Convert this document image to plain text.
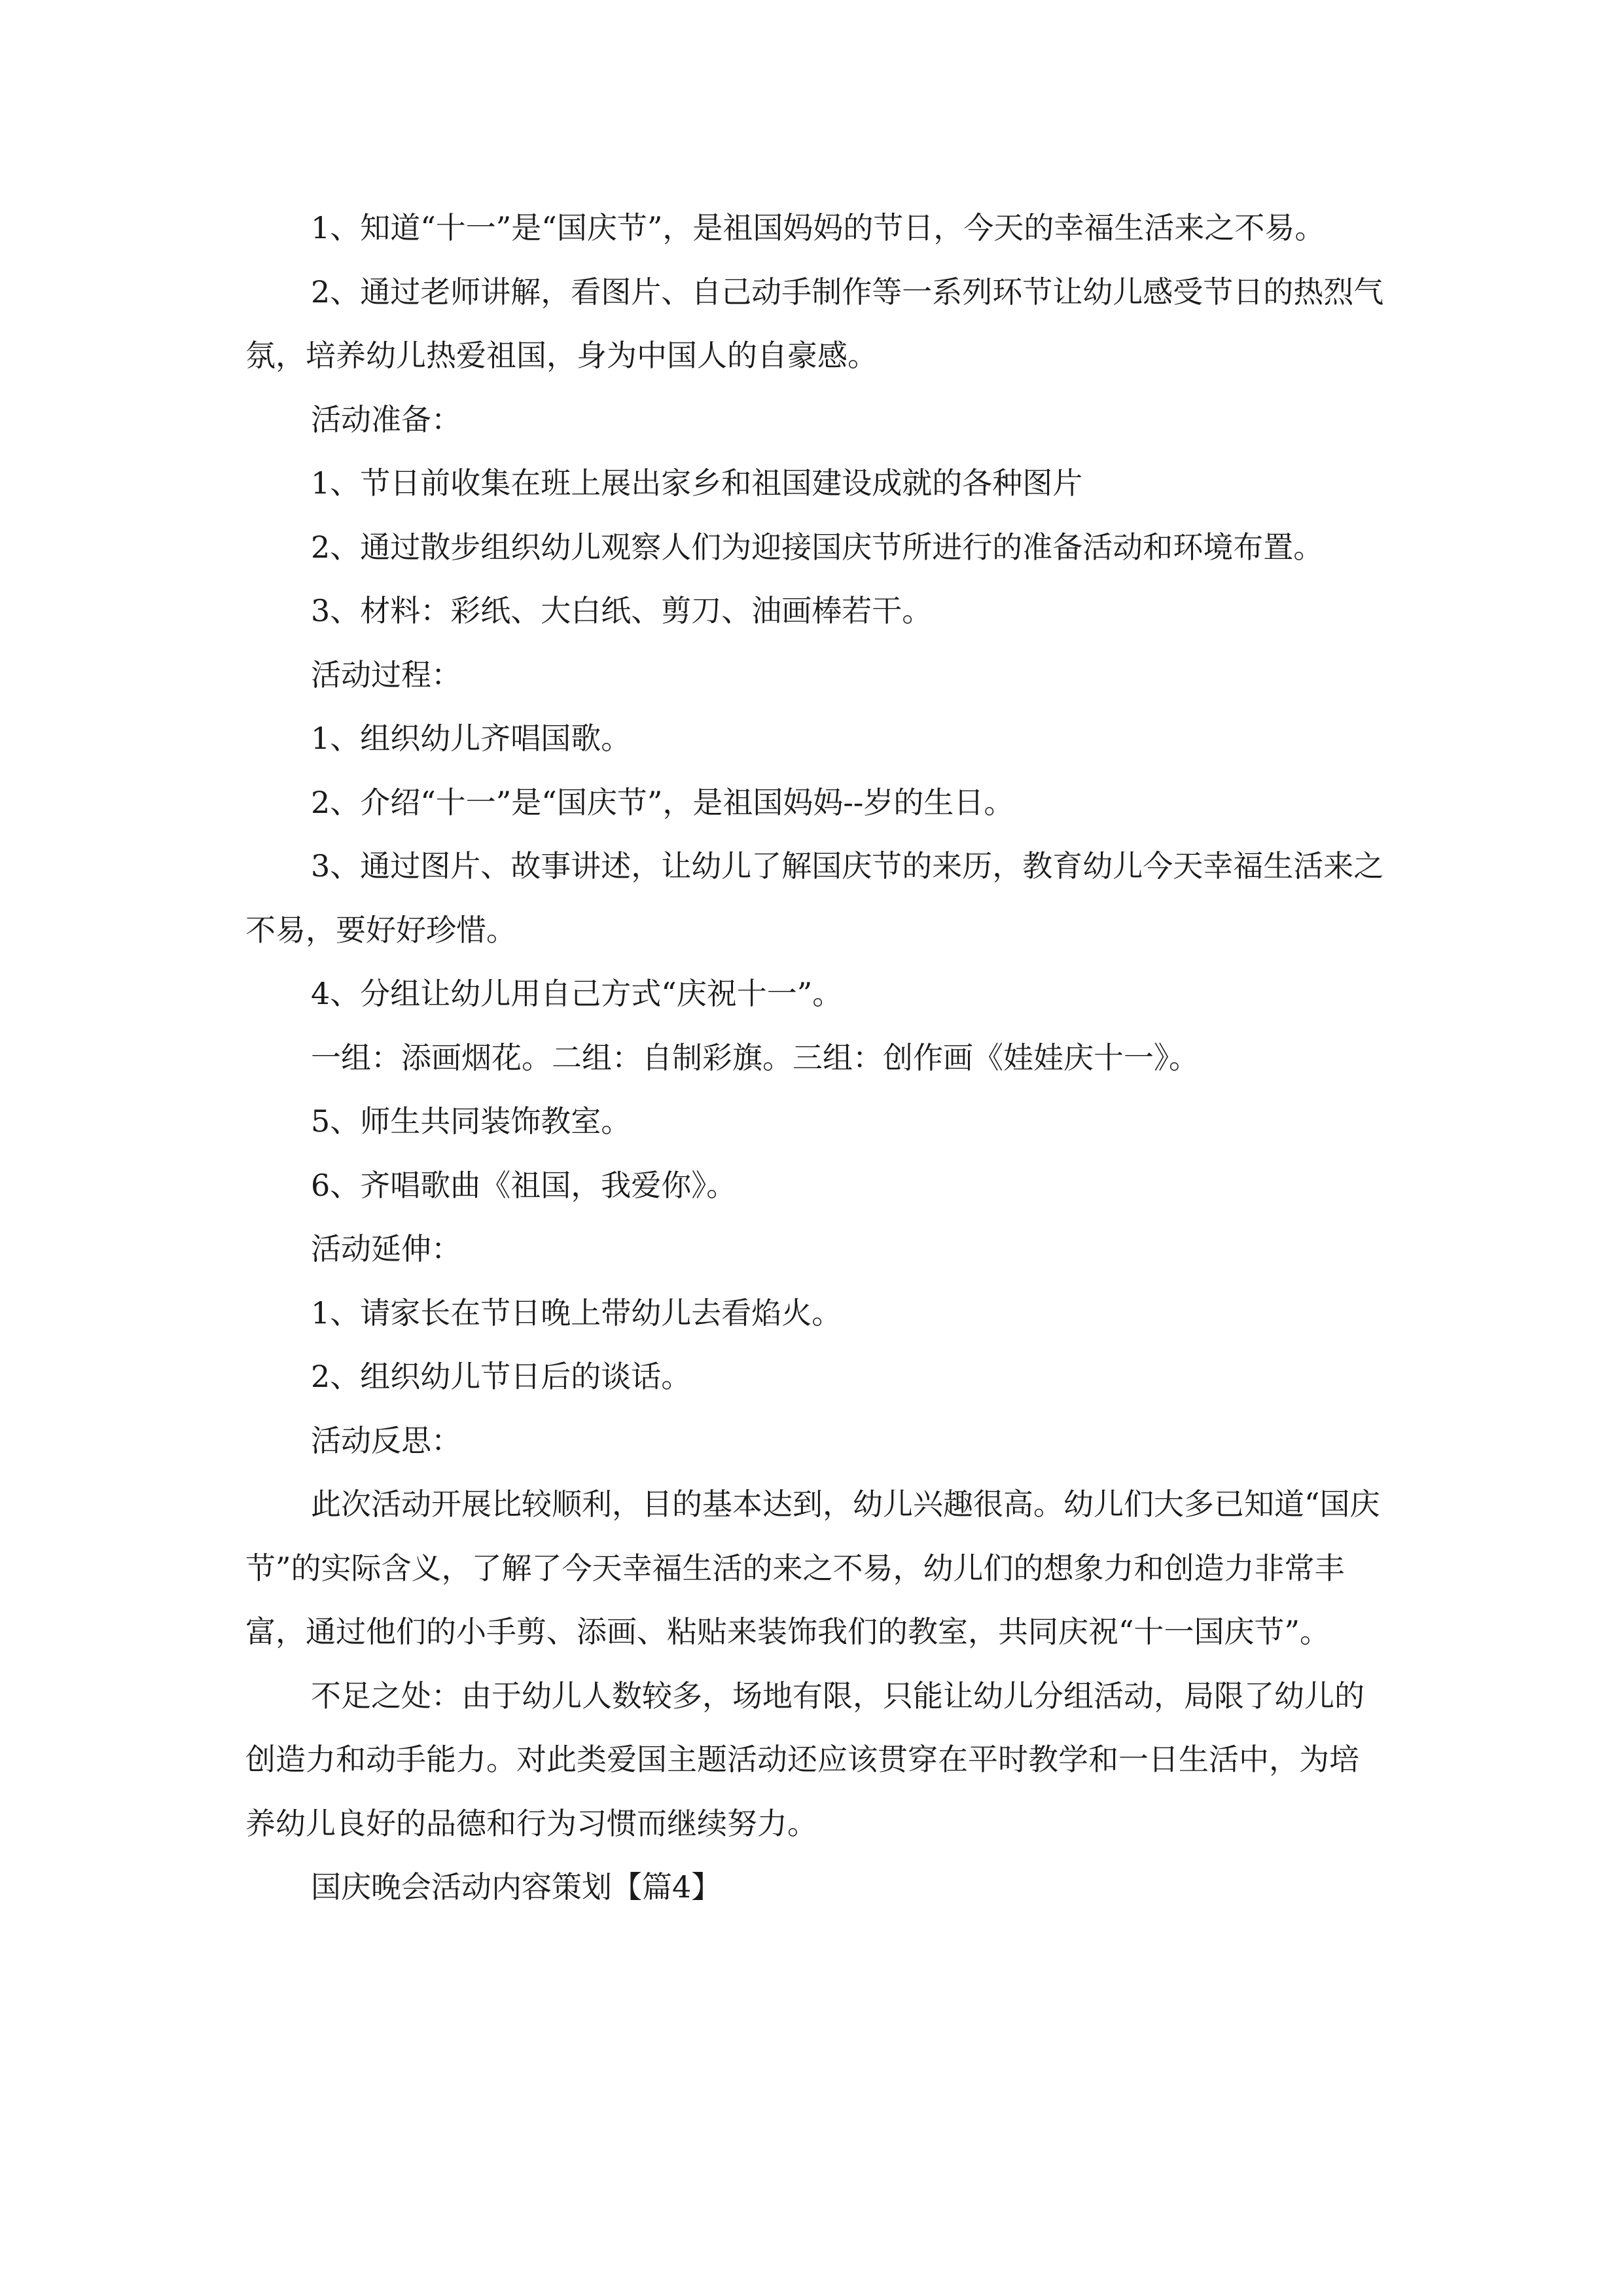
1、知道“十一”是“国庆节”，是祖国妈妈的节日，今天的幸福生活来之不易。

2、通过老师讲解，看图片、自己动手制作等一系列环节让幼儿感受节日的热烈气氛，培养幼儿热爱祖国，身为中国人的自豪感。

活动准备：

1、节日前收集在班上展出家乡和祖国建设成就的各种图片

2、通过散步组织幼儿观察人们为迎接国庆节所进行的准备活动和环境布置。

3、材料：彩纸、大白纸、剪刀、油画棒若干。

活动过程：

1、组织幼儿齐唱国歌。

2、介绍“十一”是“国庆节”，是祖国妈妈--岁的生日。

3、通过图片、故事讲述，让幼儿了解国庆节的来历，教育幼儿今天幸福生活来之不易，要好好珍惜。

4、分组让幼儿用自己方式“庆祝十一”。

一组：添画烟花。二组：自制彩旗。三组：创作画《娃娃庆十一》。

5、师生共同装饰教室。

6、齐唱歌曲《祖国，我爱你》。

活动延伸：

1、请家长在节日晚上带幼儿去看焰火。

2、组织幼儿节日后的谈话。

活动反思：

此次活动开展比较顺利，目的基本达到，幼儿兴趣很高。幼儿们大多已知道“国庆节”的实际含义，了解了今天幸福生活的来之不易，幼儿们的想象力和创造力非常丰富，通过他们的小手剪、添画、粘贴来装饰我们的教室，共同庆祝“十一国庆节”。

不足之处：由于幼儿人数较多，场地有限，只能让幼儿分组活动，局限了幼儿的创造力和动手能力。对此类爱国主题活动还应该贯穿在平时教学和一日生活中，为培养幼儿良好的品德和行为习惯而继续努力。

国庆晚会活动内容策划【篇4】
